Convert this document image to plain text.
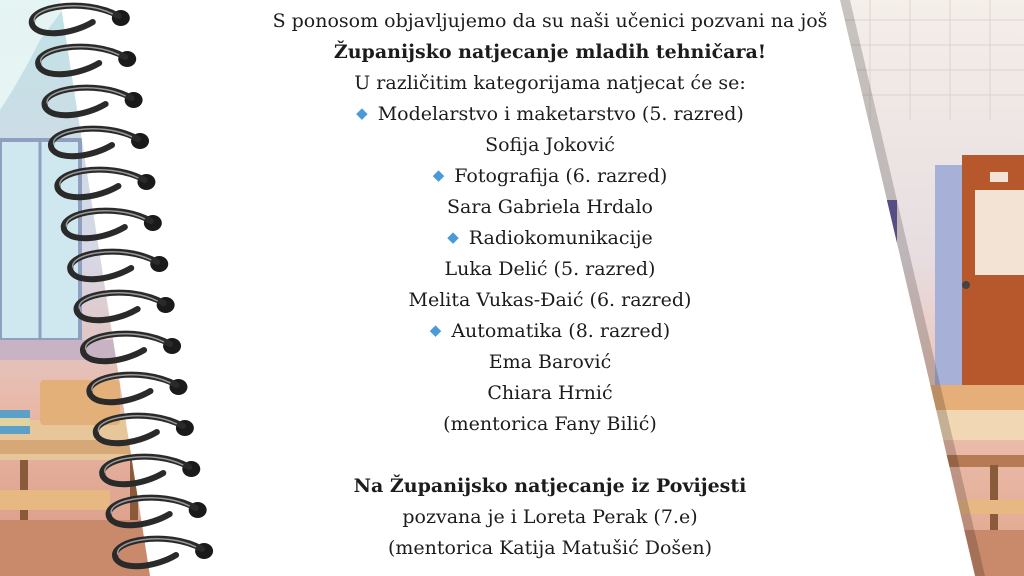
S ponosom objavljujemo da su naši učenici pozvani na još
Županijsko natjecanje mladih tehničara!
U različitim kategorijama natjecat će se:
◆ Modelarstvo i maketarstvo (5. razred)
Sofija Joković
◆ Fotografija (6. razred)
Sara Gabriela Hrdalo
◆ Radiokomunikacije
Luka Delić (5. razred)
Melita Vukas-Đaić (6. razred)
◆ Automatika (8. razred)
Ema Barović
Chiara Hrnić
(mentorica Fany Bilić)
Na Županijsko natjecanje iz Povijesti
pozvana je i Loreta Perak (7.e)
(mentorica Katija Matušić Došen)
